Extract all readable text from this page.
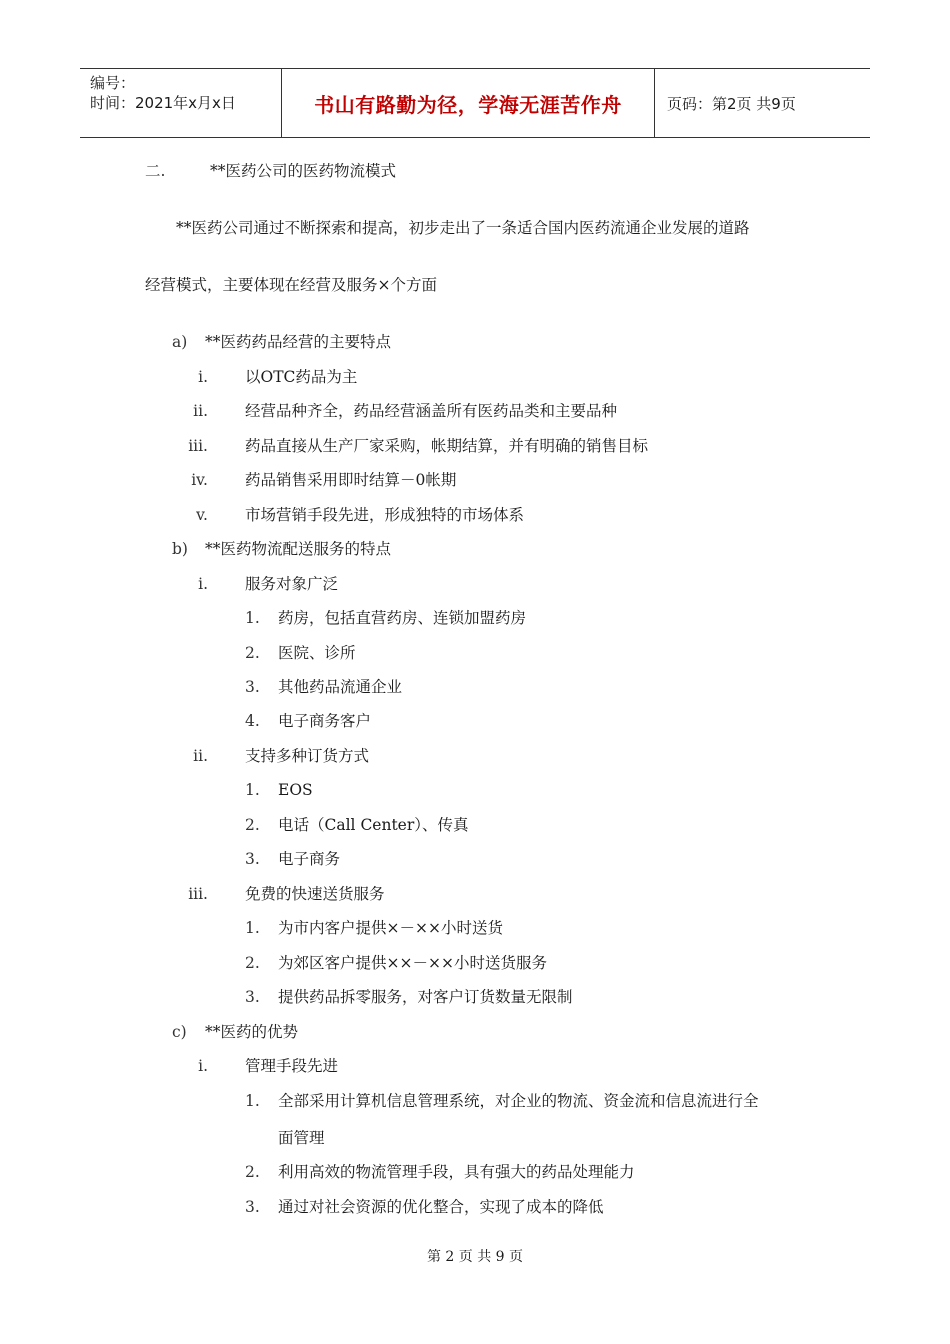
编号：
时间：2021年x月x日	书山有路勤为径，学海无涯苦作舟	页码：第2页 共9页
二.	**医药公司的医药物流模式
**医药公司通过不断探索和提高，初步走出了一条适合国内医药流通企业发展的道路
经营模式，主要体现在经营及服务×个方面
a) **医药药品经营的主要特点
i. 以OTC药品为主
ii. 经营品种齐全，药品经营涵盖所有医药品类和主要品种
iii. 药品直接从生产厂家采购，帐期结算，并有明确的销售目标
iv. 药品销售采用即时结算－0帐期
v. 市场营销手段先进，形成独特的市场体系
b) **医药物流配送服务的特点
i. 服务对象广泛
1. 药房，包括直营药房、连锁加盟药房
2. 医院、诊所
3. 其他药品流通企业
4. 电子商务客户
ii. 支持多种订货方式
1. EOS
2. 电话（Call Center）、传真
3. 电子商务
iii. 免费的快速送货服务
1. 为市内客户提供×－××小时送货
2. 为郊区客户提供××－××小时送货服务
3. 提供药品拆零服务，对客户订货数量无限制
c) **医药的优势
i. 管理手段先进
1. 全部采用计算机信息管理系统，对企业的物流、资金流和信息流进行全
面管理
2. 利用高效的物流管理手段，具有强大的药品处理能力
3. 通过对社会资源的优化整合，实现了成本的降低
第 2 页 共 9 页
